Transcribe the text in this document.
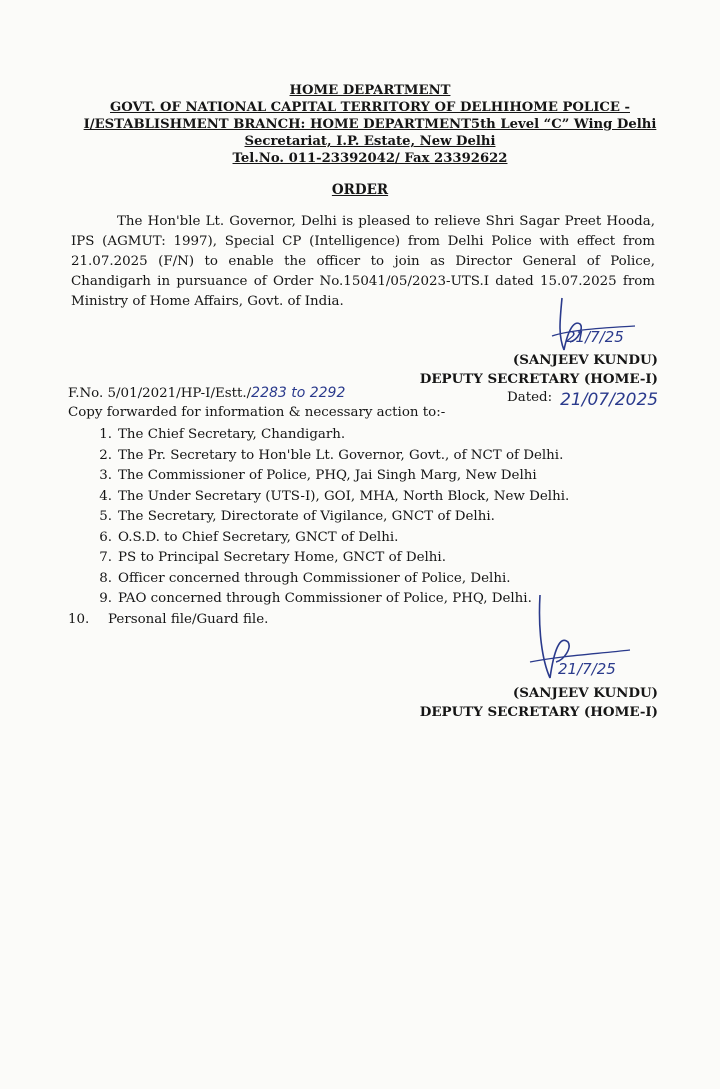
HOME DEPARTMENT
GOVT. OF NATIONAL CAPITAL TERRITORY OF DELHIHOME POLICE -
I/ESTABLISHMENT BRANCH: HOME DEPARTMENT5th Level “C” Wing Delhi
Secretariat, I.P. Estate, New Delhi
Tel.No. 011-23392042/ Fax 23392622
ORDER
The Hon'ble Lt. Governor, Delhi is pleased to relieve Shri Sagar Preet Hooda, IPS (AGMUT: 1997), Special CP (Intelligence) from Delhi Police with effect from 21.07.2025 (F/N) to enable the officer to join as Director General of Police, Chandigarh in pursuance of Order No.15041/05/2023-UTS.I dated 15.07.2025 from Ministry of Home Affairs, Govt. of India.
21/7/25
(SANJEEV KUNDU)
DEPUTY SECRETARY (HOME-I)
F.No. 5/01/2021/HP-I/Estt./2283 to 2292	Dated: 21/07/2025
Copy forwarded for information & necessary action to:-
1. The Chief Secretary, Chandigarh.
2. The Pr. Secretary to Hon'ble Lt. Governor, Govt., of NCT of Delhi.
3. The Commissioner of Police, PHQ, Jai Singh Marg, New Delhi
4. The Under Secretary (UTS-I), GOI, MHA, North Block, New Delhi.
5. The Secretary, Directorate of Vigilance, GNCT of Delhi.
6. O.S.D. to Chief Secretary, GNCT of Delhi.
7. PS to Principal Secretary Home, GNCT of Delhi.
8. Officer concerned through Commissioner of Police, Delhi.
9. PAO concerned through Commissioner of Police, PHQ, Delhi.
10. Personal file/Guard file.
21/7/25
(SANJEEV KUNDU)
DEPUTY SECRETARY (HOME-I)
